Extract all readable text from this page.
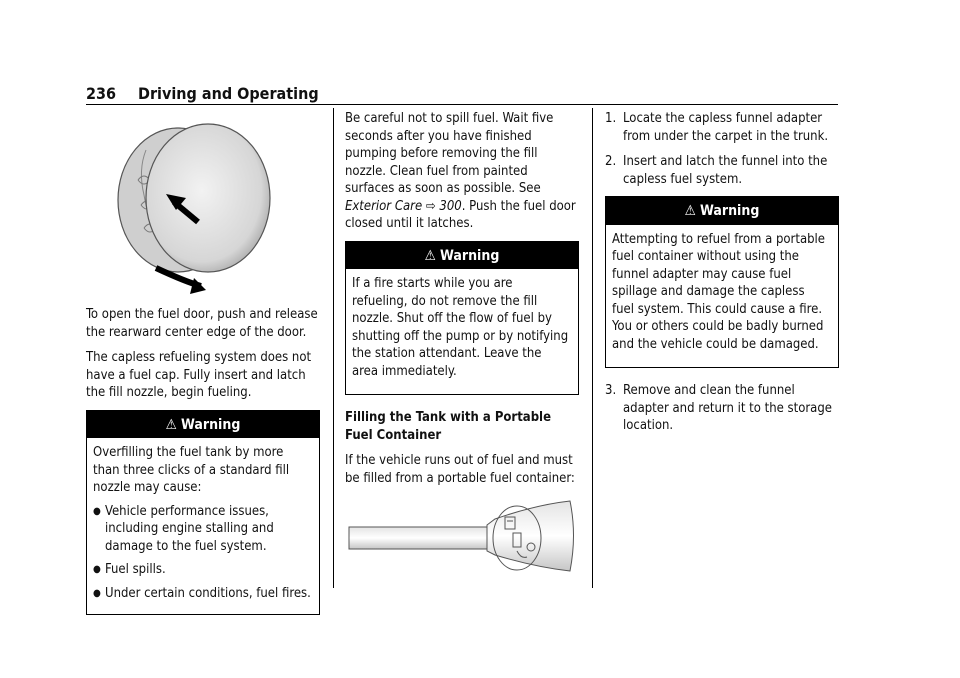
236 Driving and Operating

To open the fuel door, push and release the rearward center edge of the door.

The capless refueling system does not have a fuel cap. Fully insert and latch the fill nozzle, begin fueling.

⚠ Warning

Overfilling the fuel tank by more than three clicks of a standard fill nozzle may cause:

● Vehicle performance issues, including engine stalling and damage to the fuel system.
● Fuel spills.
● Under certain conditions, fuel fires.

Be careful not to spill fuel. Wait five seconds after you have finished pumping before removing the fill nozzle. Clean fuel from painted surfaces as soon as possible. See Exterior Care ⇨ 300. Push the fuel door closed until it latches.

⚠ Warning

If a fire starts while you are refueling, do not remove the fill nozzle. Shut off the flow of fuel by shutting off the pump or by notifying the station attendant. Leave the area immediately.

Filling the Tank with a Portable Fuel Container

If the vehicle runs out of fuel and must be filled from a portable fuel container:

1. Locate the capless funnel adapter from under the carpet in the trunk.
2. Insert and latch the funnel into the capless fuel system.
⚠ Warning

Attempting to refuel from a portable fuel container without using the funnel adapter may cause fuel spillage and damage the capless fuel system. This could cause a fire. You or others could be badly burned and the vehicle could be damaged.

3. Remove and clean the funnel adapter and return it to the storage location.
